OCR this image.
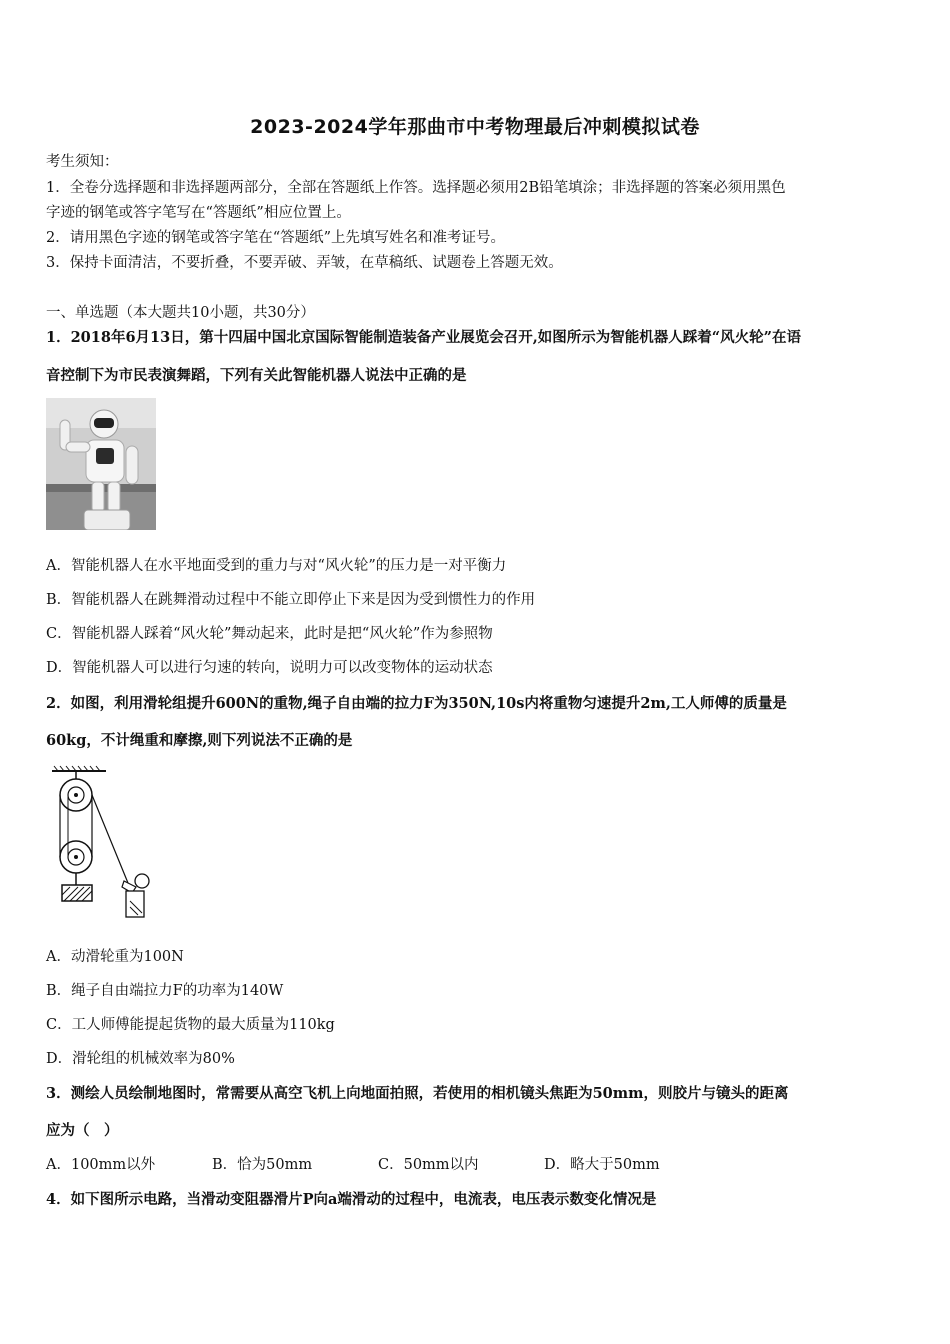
2023-2024学年那曲市中考物理最后冲刺模拟试卷
考生须知：
1．全卷分选择题和非选择题两部分，全部在答题纸上作答。选择题必须用2B铅笔填涂；非选择题的答案必须用黑色
字迹的钢笔或答字笔写在“答题纸”相应位置上。
2．请用黑色字迹的钢笔或答字笔在“答题纸”上先填写姓名和准考证号。
3．保持卡面清洁，不要折叠，不要弄破、弄皱，在草稿纸、试题卷上答题无效。
一、单选题（本大题共10小题，共30分）
1．2018年6月13日，第十四届中国北京国际智能制造装备产业展览会召开,如图所示为智能机器人踩着“风火轮”在语
音控制下为市民表演舞蹈，下列有关此智能机器人说法中正确的是
A．智能机器人在水平地面受到的重力与对“风火轮”的压力是一对平衡力
B．智能机器人在跳舞滑动过程中不能立即停止下来是因为受到惯性力的作用
C．智能机器人踩着“风火轮”舞动起来，此时是把“风火轮”作为参照物
D．智能机器人可以进行匀速的转向，说明力可以改变物体的运动状态
2．如图，利用滑轮组提升600N的重物,绳子自由端的拉力F为350N,10s内将重物匀速提升2m,工人师傅的质量是
60kg，不计绳重和摩擦,则下列说法不正确的是
A．动滑轮重为100N
B．绳子自由端拉力F的功率为140W
C．工人师傅能提起货物的最大质量为110kg
D．滑轮组的机械效率为80%
3．测绘人员绘制地图时，常需要从高空飞机上向地面拍照，若使用的相机镜头焦距为50mm，则胶片与镜头的距离
应为（　）
A．100mm以外	B．恰为50mm	C．50mm以内	D．略大于50mm
4．如下图所示电路，当滑动变阻器滑片P向a端滑动的过程中，电流表，电压表示数变化情况是
